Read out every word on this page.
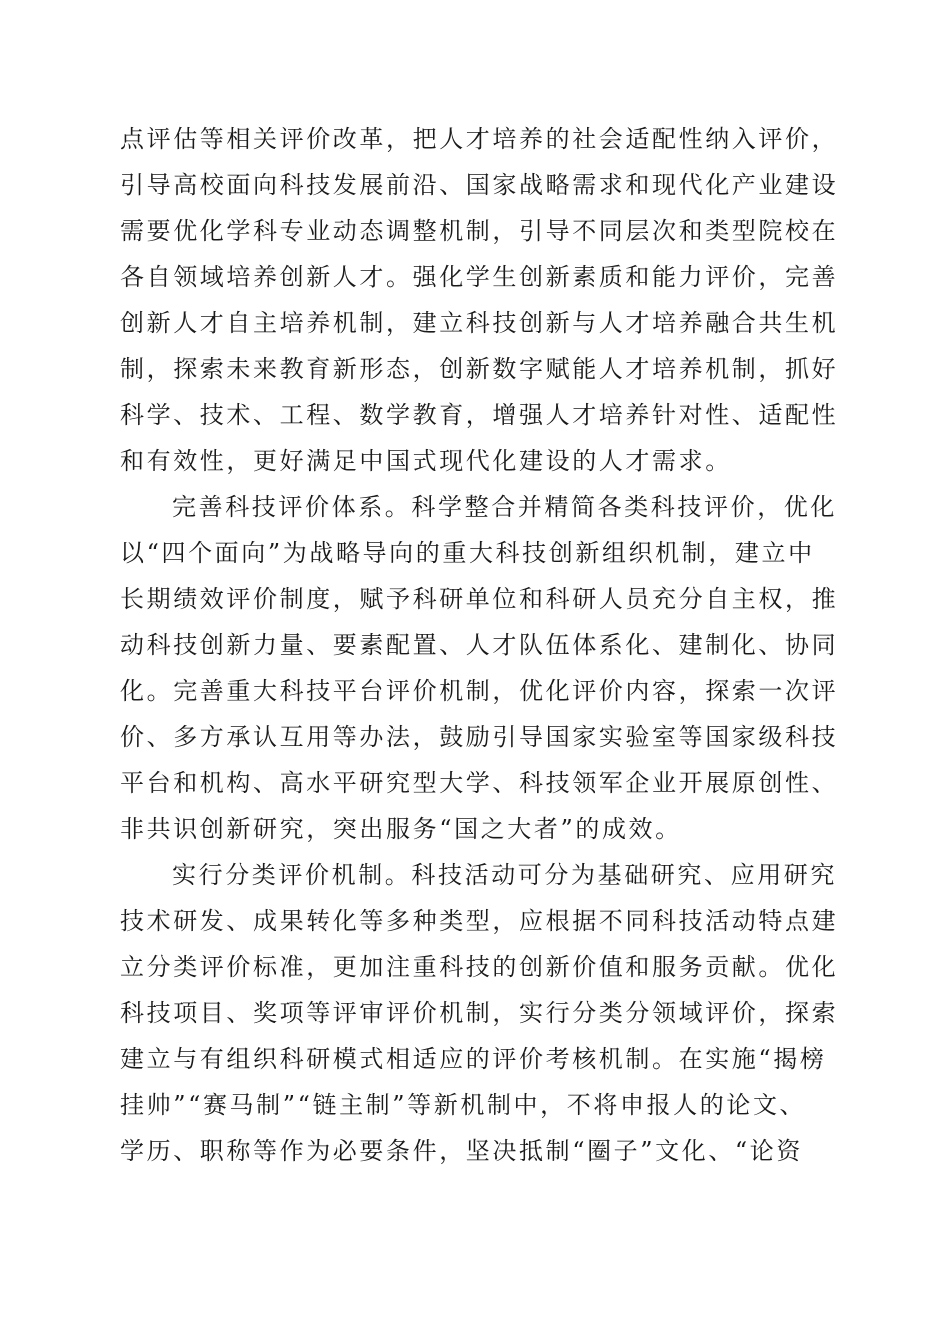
点评估等相关评价改革，把人才培养的社会适配性纳入评价，
引导高校面向科技发展前沿、国家战略需求和现代化产业建设
需要优化学科专业动态调整机制，引导不同层次和类型院校在
各自领域培养创新人才。强化学生创新素质和能力评价，完善
创新人才自主培养机制，建立科技创新与人才培养融合共生机
制，探索未来教育新形态，创新数字赋能人才培养机制，抓好
科学、技术、工程、数学教育，增强人才培养针对性、适配性
和有效性，更好满足中国式现代化建设的人才需求。
完善科技评价体系。科学整合并精简各类科技评价，优化
以“四个面向”为战略导向的重大科技创新组织机制，建立中
长期绩效评价制度，赋予科研单位和科研人员充分自主权，推
动科技创新力量、要素配置、人才队伍体系化、建制化、协同
化。完善重大科技平台评价机制，优化评价内容，探索一次评
价、多方承认互用等办法，鼓励引导国家实验室等国家级科技
平台和机构、高水平研究型大学、科技领军企业开展原创性、
非共识创新研究，突出服务“国之大者”的成效。
实行分类评价机制。科技活动可分为基础研究、应用研究
技术研发、成果转化等多种类型，应根据不同科技活动特点建
立分类评价标准，更加注重科技的创新价值和服务贡献。优化
科技项目、奖项等评审评价机制，实行分类分领域评价，探索
建立与有组织科研模式相适应的评价考核机制。在实施“揭榜
挂帅”“赛马制”“链主制”等新机制中，不将申报人的论文、
学历、职称等作为必要条件，坚决抵制“圈子”文化、“论资
